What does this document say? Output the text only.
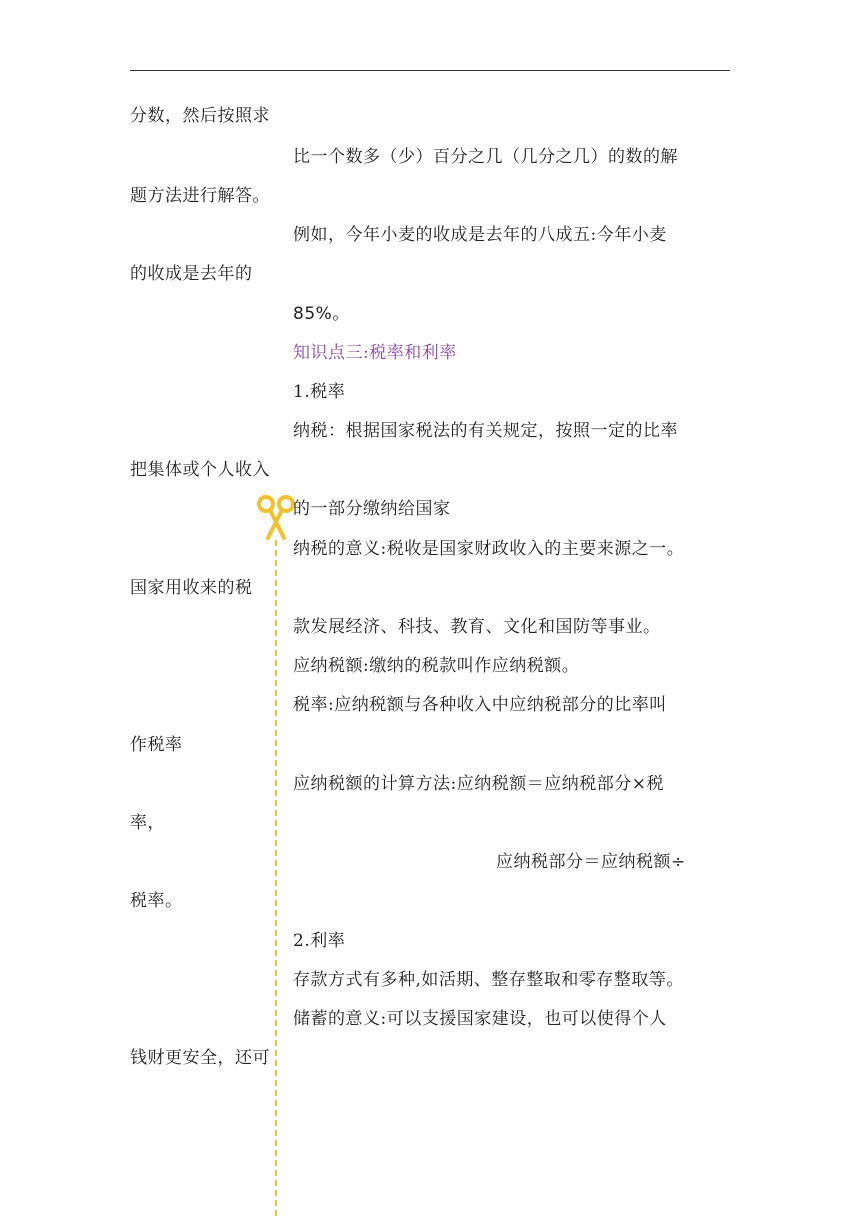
分数，然后按照求
比一个数多（少）百分之几（几分之几）的数的解
题方法进行解答。
例如，今年小麦的收成是去年的八成五:今年小麦
的收成是去年的
85%。
知识点三:税率和利率
1.税率
纳税：根据国家税法的有关规定，按照一定的比率
把集体或个人收入
的一部分缴纳给国家
纳税的意义:税收是国家财政收入的主要来源之一。
国家用收来的税
款发展经济、科技、教育、文化和国防等事业。
应纳税额:缴纳的税款叫作应纳税额。
税率:应纳税额与各种收入中应纳税部分的比率叫
作税率
应纳税额的计算方法:应纳税额＝应纳税部分×税
率，
应纳税部分＝应纳税额÷
税率。
2.利率
存款方式有多种,如活期、整存整取和零存整取等。
储蓄的意义:可以支援国家建设，也可以使得个人
钱财更安全，还可
